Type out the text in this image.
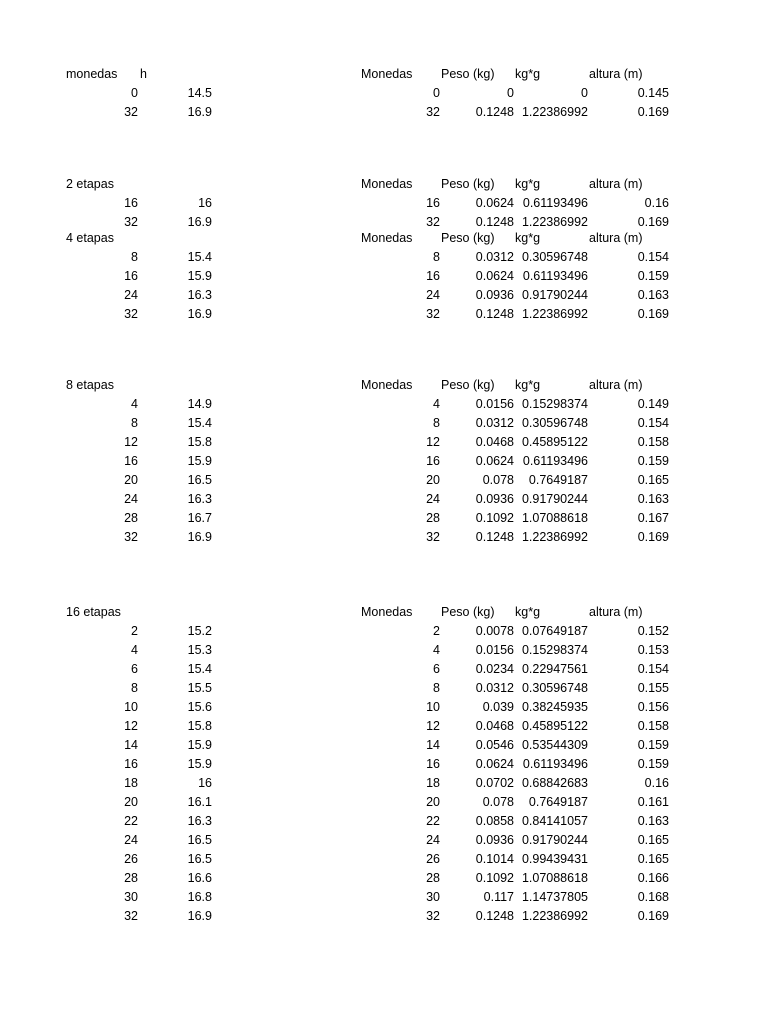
monedas h	Monedas Peso (kg) kg*g	altura (m)
0	14.5	0	0	0	0.145
32	16.9	32	0.1248 1.22386992	0.169
2 etapas	Monedas Peso (kg) kg*g	altura (m)
16	16	16	0.0624 0.61193496	0.16
32	16.9	32	0.1248 1.22386992	0.169
4 etapas	Monedas Peso (kg) kg*g	altura (m)
8	15.4	8	0.0312 0.30596748	0.154
16	15.9	16	0.0624 0.61193496	0.159
24	16.3	24	0.0936 0.91790244	0.163
32	16.9	32	0.1248 1.22386992	0.169
8 etapas	Monedas Peso (kg) kg*g	altura (m)
4	14.9	4	0.0156 0.15298374	0.149
8	15.4	8	0.0312 0.30596748	0.154
12	15.8	12	0.0468 0.45895122	0.158
16	15.9	16	0.0624 0.61193496	0.159
20	16.5	20	0.078 0.7649187	0.165
24	16.3	24	0.0936 0.91790244	0.163
28	16.7	28	0.1092 1.07088618	0.167
32	16.9	32	0.1248 1.22386992	0.169
16 etapas	Monedas Peso (kg) kg*g	altura (m)
2	15.2	2	0.0078 0.07649187	0.152
4	15.3	4	0.0156 0.15298374	0.153
6	15.4	6	0.0234 0.22947561	0.154
8	15.5	8	0.0312 0.30596748	0.155
10	15.6	10	0.039 0.38245935	0.156
12	15.8	12	0.0468 0.45895122	0.158
14	15.9	14	0.0546 0.53544309	0.159
16	15.9	16	0.0624 0.61193496	0.159
18	16	18	0.0702 0.68842683	0.16
20	16.1	20	0.078 0.7649187	0.161
22	16.3	22	0.0858 0.84141057	0.163
24	16.5	24	0.0936 0.91790244	0.165
26	16.5	26	0.1014 0.99439431	0.165
28	16.6	28	0.1092 1.07088618	0.166
30	16.8	30	0.117 1.14737805	0.168
32	16.9	32	0.1248 1.22386992	0.169
